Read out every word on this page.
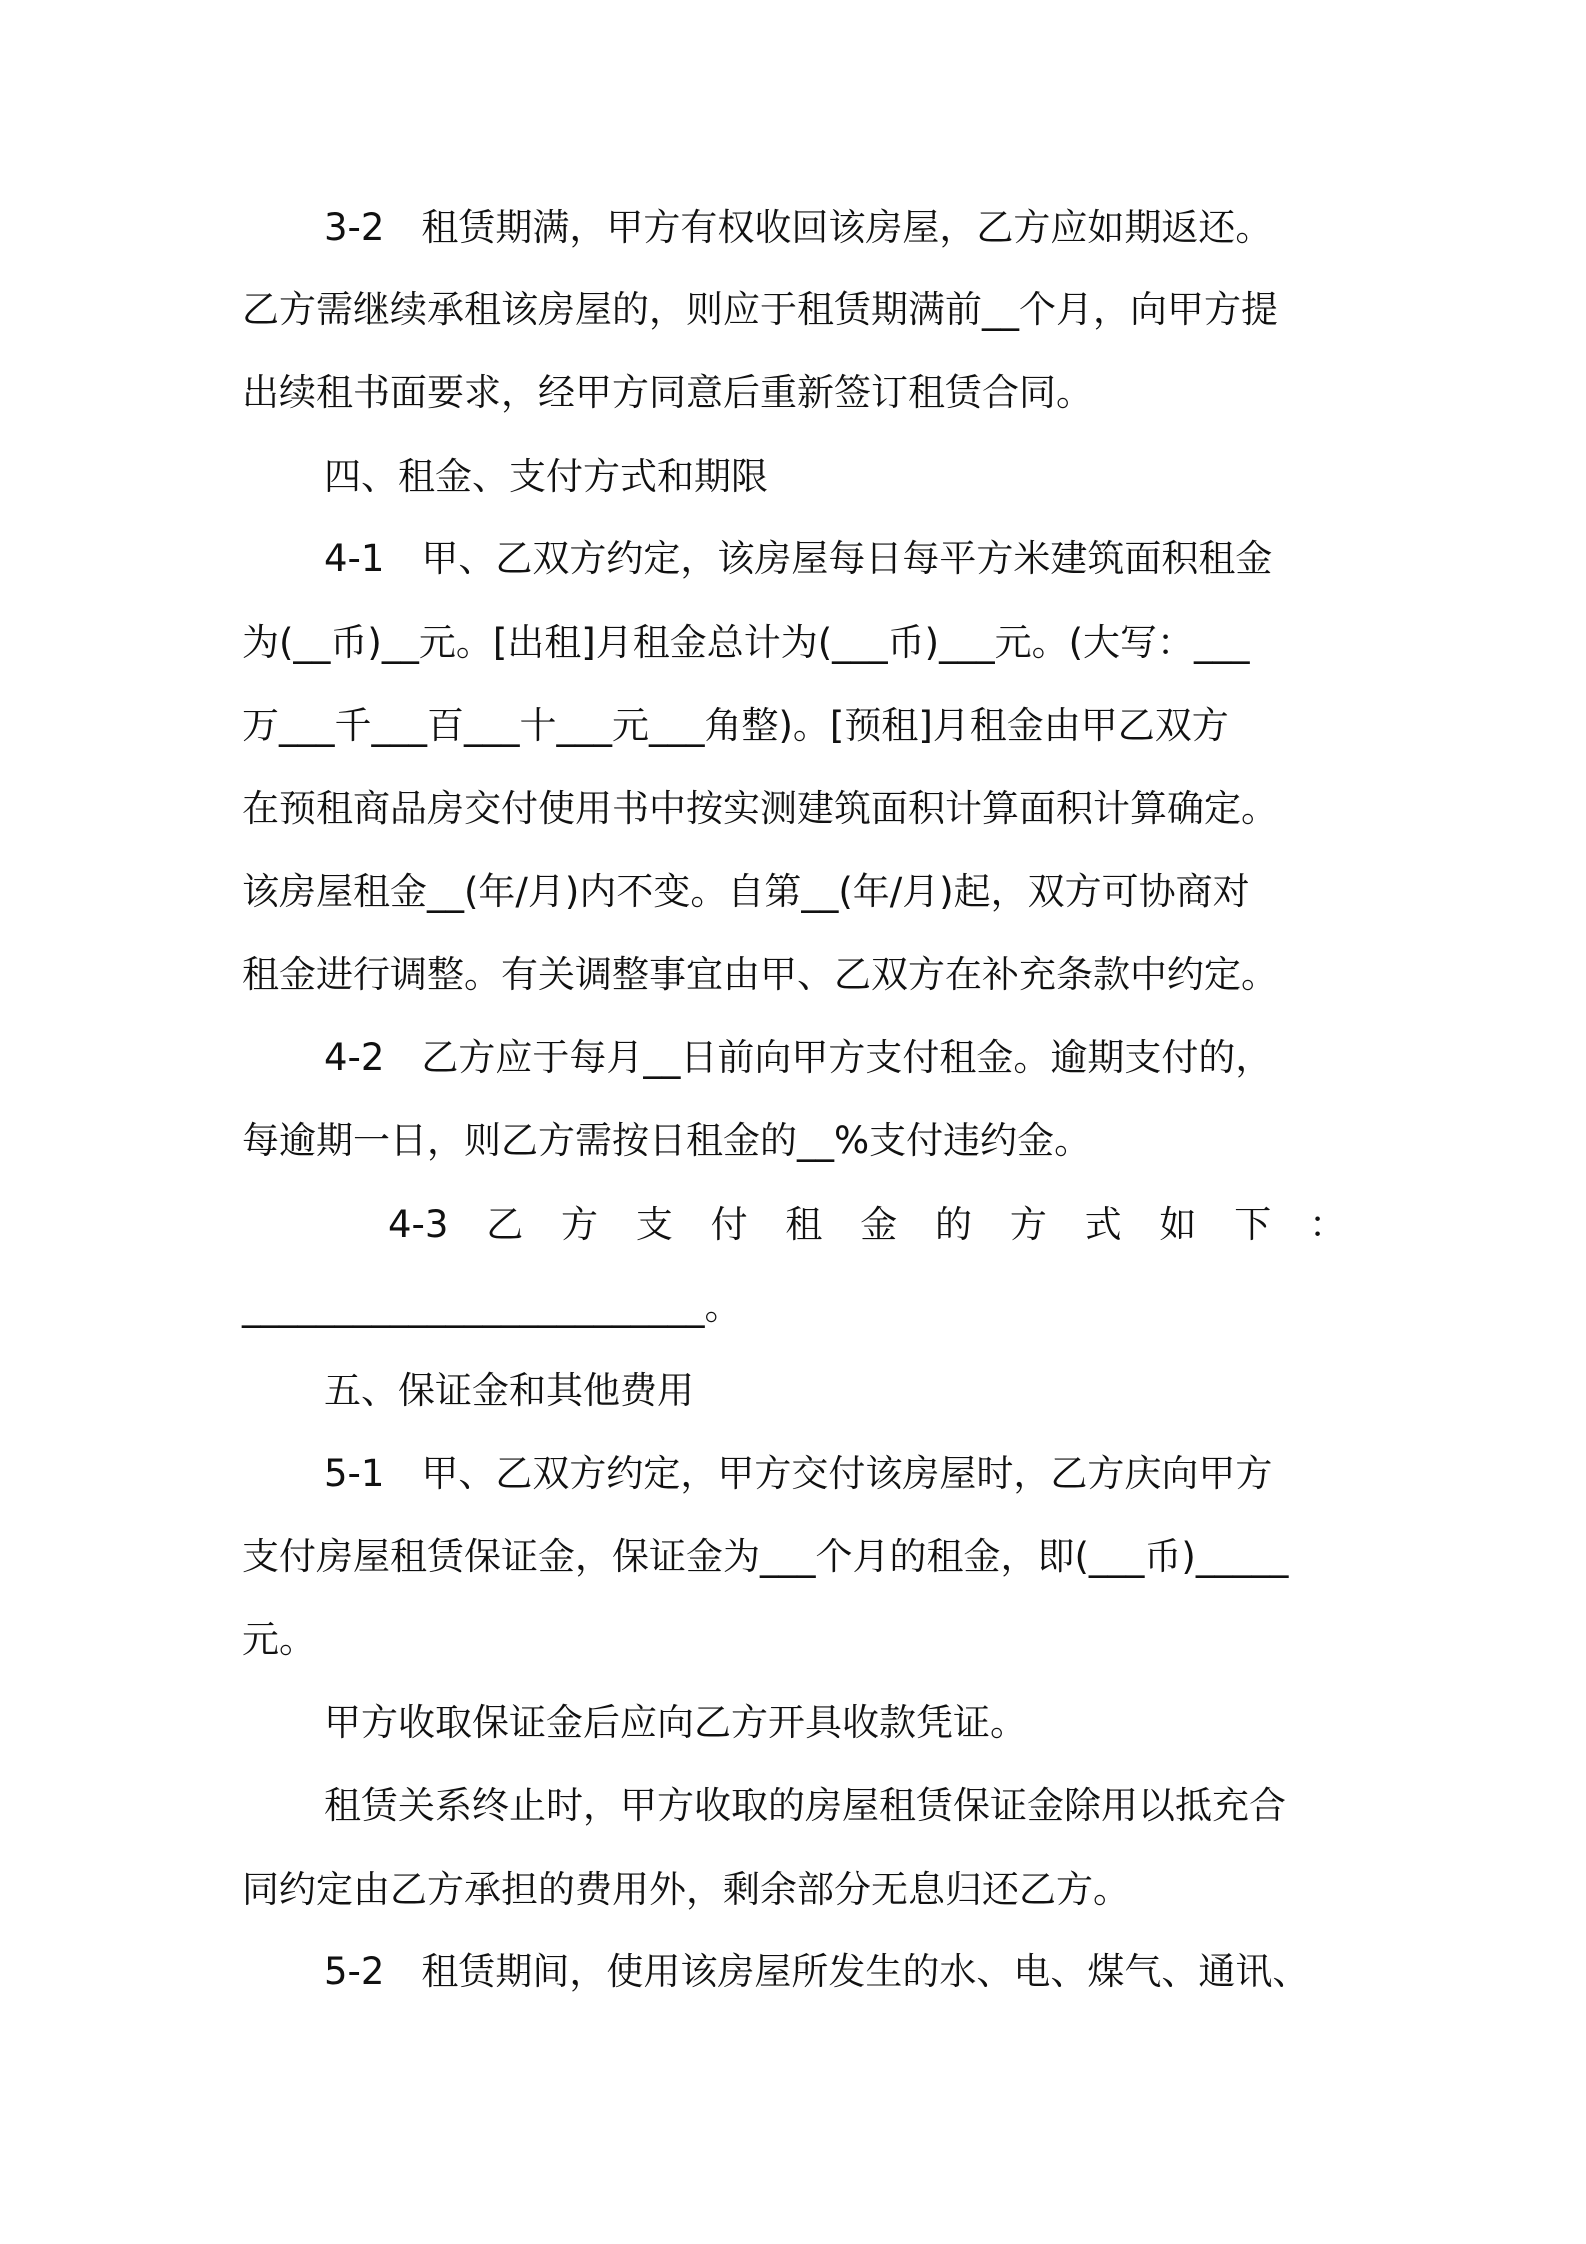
3-2　租赁期满，甲方有权收回该房屋，乙方应如期返还。
乙方需继续承租该房屋的，则应于租赁期满前__个月，向甲方提
出续租书面要求，经甲方同意后重新签订租赁合同。
四、租金、支付方式和期限
4-1　甲、乙双方约定，该房屋每日每平方米建筑面积租金
为(__币)__元。[出租]月租金总计为(___币)___元。(大写：___
万___千___百___十___元___角整)。[预租]月租金由甲乙双方
在预租商品房交付使用书中按实测建筑面积计算面积计算确定。
该房屋租金__(年/月)内不变。自第__(年/月)起，双方可协商对
租金进行调整。有关调整事宜由甲、乙双方在补充条款中约定。
4-2　乙方应于每月__日前向甲方支付租金。逾期支付的，
每逾期一日，则乙方需按日租金的__%支付违约金。
4-3 乙 方 支 付 租 金 的 方 式 如 下 ：
_________________________。
五、保证金和其他费用
5-1　甲、乙双方约定，甲方交付该房屋时，乙方庆向甲方
支付房屋租赁保证金，保证金为___个月的租金，即(___币)_____
元。
甲方收取保证金后应向乙方开具收款凭证。
租赁关系终止时，甲方收取的房屋租赁保证金除用以抵充合
同约定由乙方承担的费用外，剩余部分无息归还乙方。
5-2　租赁期间，使用该房屋所发生的水、电、煤气、通讯、
